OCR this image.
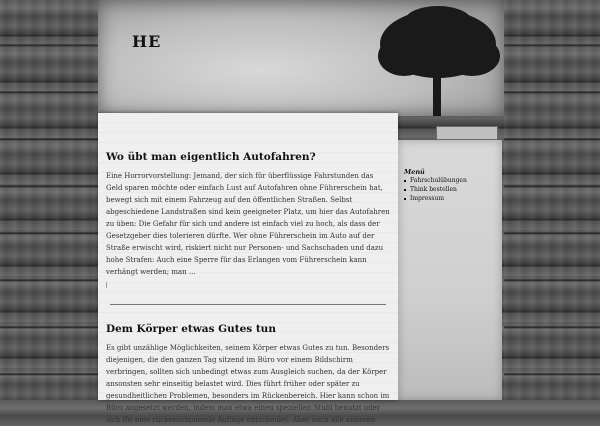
HE
Wo übt man eigentlich Autofahren?

Eine Horrorvorstellung: Jemand, der sich für überflüssige Fahrstunden das Geld sparen möchte oder einfach Lust auf Autofahren ohne Führerschein hat, bewegt sich mit einem Fahrzeug auf den öffentlichen Straßen. Selbst abgeschiedene Landstraßen sind kein geeigneter Platz, um hier das Autofahren zu üben: Die Gefahr für sich und andere ist einfach viel zu hoch, als dass der Gesetzgeber dies tolerieren dürfte. Wer ohne Führerschein im Auto auf der Straße erwischt wird, riskiert nicht nur Personen- und Sachschaden und dazu hohe Strafen: Auch eine Sperre für das Erlangen vom Führerschein kann verhängt werden; man ...

Dem Körper etwas Gutes tun

Es gibt unzählige Möglichkeiten, seinem Körper etwas Gutes zu tun. Besonders diejenigen, die den ganzen Tag sitzend im Büro vor einem Bildschirm verbringen, sollten sich unbedingt etwas zum Ausgleich suchen, da der Körper ansonsten sehr einseitig belastet wird. Dies führt früher oder später zu gesundheitlichen Problemen, besonders im Rückenbereich. Hier kann schon im Büro angesetzt werden, indem man etwa einen speziellen Stuhl benutzt oder sich für eine rückenschonende Auflage entscheidet. Aber auch alle anderen

Menü
Fahrschulübungen
Think bestellen
Impressum
